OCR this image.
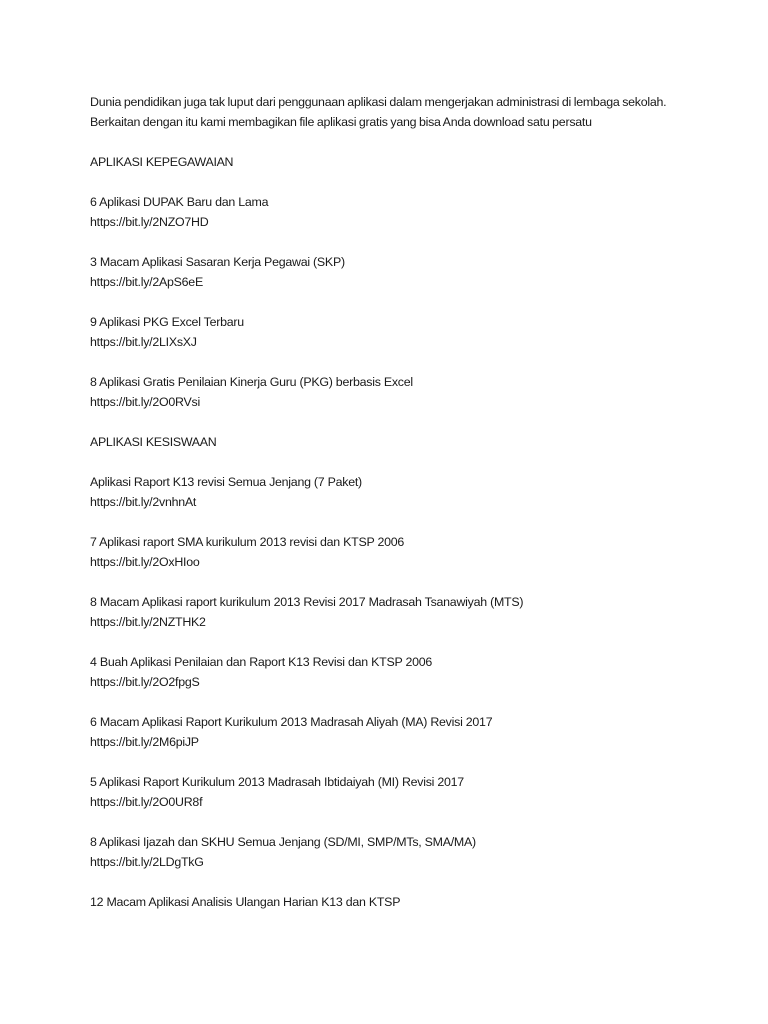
Dunia pendidikan juga tak luput dari penggunaan aplikasi dalam mengerjakan administrasi di lembaga sekolah. Berkaitan dengan itu kami membagikan file aplikasi gratis yang bisa Anda download satu persatu

APLIKASI KEPEGAWAIAN
6 Aplikasi DUPAK Baru dan Lama
https://bit.ly/2NZO7HD
3 Macam Aplikasi Sasaran Kerja Pegawai (SKP)
https://bit.ly/2ApS6eE
9 Aplikasi PKG Excel Terbaru
https://bit.ly/2LIXsXJ
8 Aplikasi Gratis Penilaian Kinerja Guru (PKG) berbasis Excel
https://bit.ly/2O0RVsi
APLIKASI KESISWAAN
Aplikasi Raport K13 revisi Semua Jenjang (7 Paket)
https://bit.ly/2vnhnAt
7 Aplikasi raport SMA kurikulum 2013 revisi dan KTSP 2006
https://bit.ly/2OxHIoo
8 Macam Aplikasi raport kurikulum 2013 Revisi 2017 Madrasah Tsanawiyah (MTS)
https://bit.ly/2NZTHK2
4 Buah Aplikasi Penilaian dan Raport K13 Revisi dan KTSP 2006
https://bit.ly/2O2fpgS
6 Macam Aplikasi Raport Kurikulum 2013 Madrasah Aliyah (MA) Revisi 2017
https://bit.ly/2M6piJP
5 Aplikasi Raport Kurikulum 2013 Madrasah Ibtidaiyah (MI) Revisi 2017
https://bit.ly/2O0UR8f
8 Aplikasi Ijazah dan SKHU Semua Jenjang (SD/MI, SMP/MTs, SMA/MA)
https://bit.ly/2LDgTkG
12 Macam Aplikasi Analisis Ulangan Harian K13 dan KTSP
